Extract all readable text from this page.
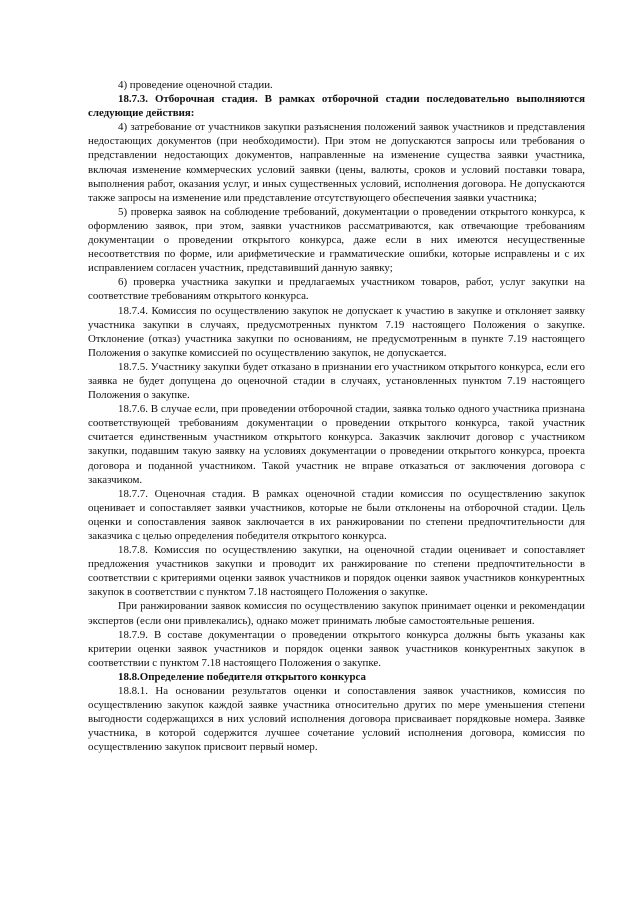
4) проведение оценочной стадии.

18.7.3. Отборочная стадия. В рамках отборочной стадии последовательно выполняются следующие действия:

4) затребование от участников закупки разъяснения положений заявок участников и представления недостающих документов (при необходимости). При этом не допускаются запросы или требования о представлении недостающих документов, направленные на изменение существа заявки участника, включая изменение коммерческих условий заявки (цены, валюты, сроков и условий поставки товара, выполнения работ, оказания услуг, и иных существенных условий, исполнения договора. Не допускаются также запросы на изменение или представление отсутствующего обеспечения заявки участника;

5) проверка заявок на соблюдение требований, документации о проведении открытого конкурса, к оформлению заявок, при этом, заявки участников рассматриваются, как отвечающие требованиям документации о проведении открытого конкурса, даже если в них имеются несущественные несоответствия по форме, или арифметические и грамматические ошибки, которые исправлены и с их исправлением согласен участник, представивший данную заявку;

6) проверка участника закупки и предлагаемых участником товаров, работ, услуг закупки на соответствие требованиям открытого конкурса.

18.7.4. Комиссия по осуществлению закупок не допускает к участию в закупке и отклоняет заявку участника закупки в случаях, предусмотренных пунктом 7.19 настоящего Положения о закупке. Отклонение (отказ) участника закупки по основаниям, не предусмотренным в пункте 7.19 настоящего Положения о закупке комиссией по осуществлению закупок, не допускается.

18.7.5. Участнику закупки будет отказано в признании его участником открытого конкурса, если его заявка не будет допущена до оценочной стадии в случаях, установленных пунктом 7.19 настоящего Положения о закупке.

18.7.6. В случае если, при проведении отборочной стадии, заявка только одного участника признана соответствующей требованиям документации о проведении открытого конкурса, такой участник считается единственным участником открытого конкурса. Заказчик заключит договор с участником закупки, подавшим такую заявку на условиях документации о проведении открытого конкурса, проекта договора и поданной участником. Такой участник не вправе отказаться от заключения договора с заказчиком.

18.7.7. Оценочная стадия. В рамках оценочной стадии комиссия по осуществлению закупок оценивает и сопоставляет заявки участников, которые не были отклонены на отборочной стадии. Цель оценки и сопоставления заявок заключается в их ранжировании по степени предпочтительности для заказчика с целью определения победителя открытого конкурса.

18.7.8. Комиссия по осуществлению закупки, на оценочной стадии оценивает и сопоставляет предложения участников закупки и проводит их ранжирование по степени предпочтительности в соответствии с критериями оценки заявок участников и порядок оценки заявок участников конкурентных закупок в соответствии с пунктом 7.18 настоящего Положения о закупке.

При ранжировании заявок комиссия по осуществлению закупок принимает оценки и рекомендации экспертов (если они привлекались), однако может принимать любые самостоятельные решения.

18.7.9. В составе документации о проведении открытого конкурса должны быть указаны как критерии оценки заявок участников и порядок оценки заявок участников конкурентных закупок в соответствии с пунктом 7.18 настоящего Положения о закупке.

18.8.Определение победителя открытого конкурса

18.8.1. На основании результатов оценки и сопоставления заявок участников, комиссия по осуществлению закупок каждой заявке участника относительно других по мере уменьшения степени выгодности содержащихся в них условий исполнения договора присваивает порядковые номера. Заявке участника, в которой содержится лучшее сочетание условий исполнения договора, комиссия по осуществлению закупок присвоит первый номер.
